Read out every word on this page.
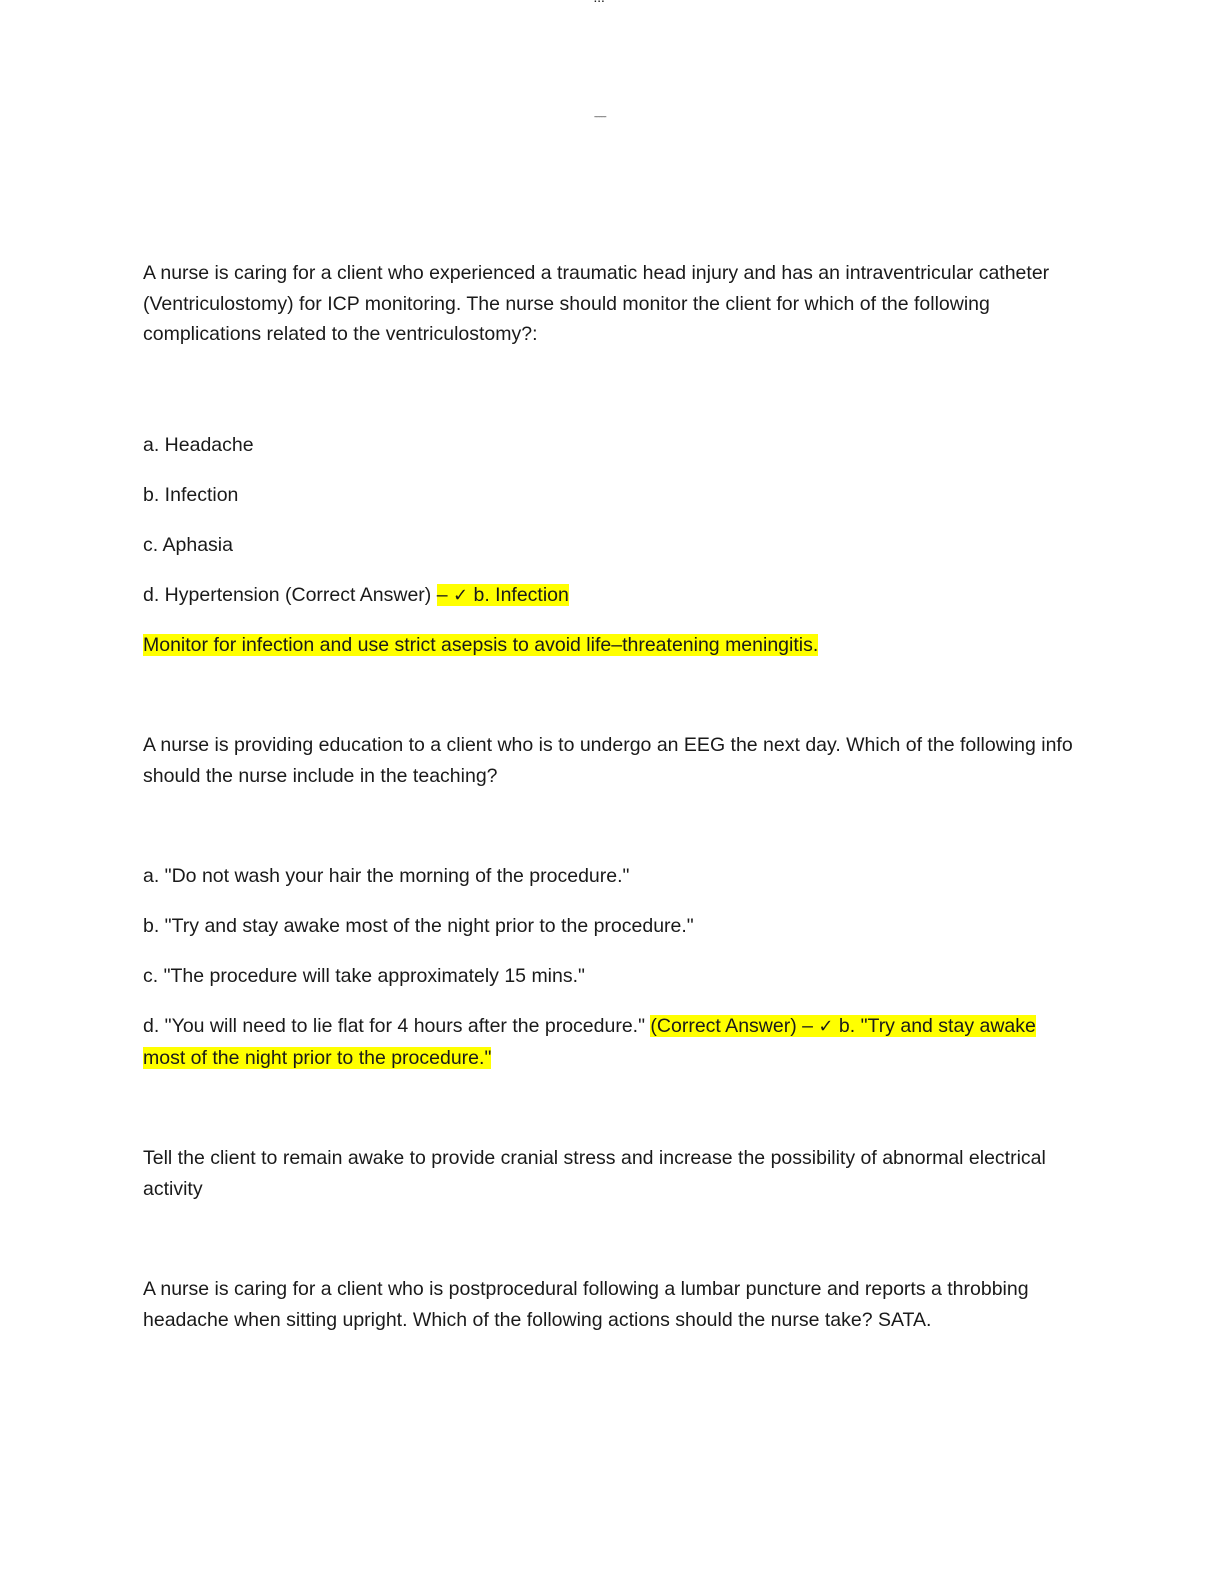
-------

A nurse is caring for a client who experienced a traumatic head injury and has an intraventricular catheter (Ventriculostomy) for ICP monitoring. The nurse should monitor the client for which of the following complications related to the ventriculostomy?:

a. Headache

b. Infection

c. Aphasia

d. Hypertension (Correct Answer) – ✓ b. Infection

Monitor for infection and use strict asepsis to avoid life–threatening meningitis.

A nurse is providing education to a client who is to undergo an EEG the next day. Which of the following info should the nurse include in the teaching?

a. "Do not wash your hair the morning of the procedure."

b. "Try and stay awake most of the night prior to the procedure."

c. "The procedure will take approximately 15 mins."

d. "You will need to lie flat for 4 hours after the procedure." (Correct Answer) – ✓ b. "Try and stay awake most of the night prior to the procedure."

Tell the client to remain awake to provide cranial stress and increase the possibility of abnormal electrical activity

A nurse is caring for a client who is postprocedural following a lumbar puncture and reports a throbbing headache when sitting upright. Which of the following actions should the nurse take? SATA.
